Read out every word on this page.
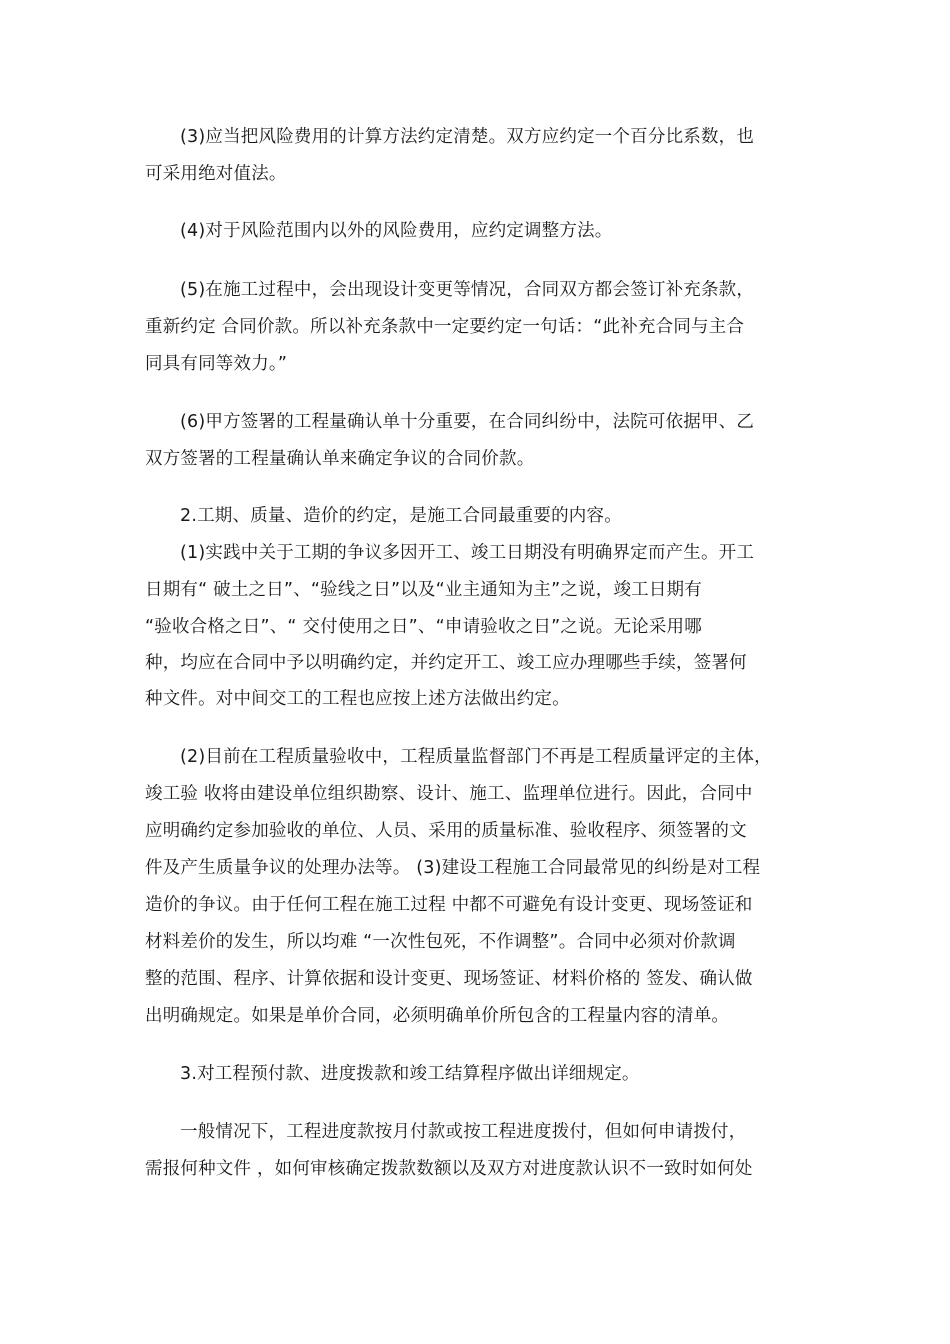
(3)应当把风险费用的计算方法约定清楚。双方应约定一个百分比系数，也
可采用绝对值法。
(4)对于风险范围内以外的风险费用，应约定调整方法。
(5)在施工过程中，会出现设计变更等情况，合同双方都会签订补充条款，
重新约定 合同价款。所以补充条款中一定要约定一句话：“此补充合同与主合
同具有同等效力。”
(6)甲方签署的工程量确认单十分重要，在合同纠纷中，法院可依据甲、乙
双方签署的工程量确认单来确定争议的合同价款。
2.工期、质量、造价的约定，是施工合同最重要的内容。
(1)实践中关于工期的争议多因开工、竣工日期没有明确界定而产生。开工
日期有“ 破土之日”、“验线之日”以及“业主通知为主”之说，竣工日期有
“验收合格之日”、“ 交付使用之日”、“申请验收之日”之说。无论采用哪
种，均应在合同中予以明确约定，并约定开工、竣工应办理哪些手续，签署何
种文件。对中间交工的工程也应按上述方法做出约定。
(2)目前在工程质量验收中，工程质量监督部门不再是工程质量评定的主体，
竣工验 收将由建设单位组织勘察、设计、施工、监理单位进行。因此，合同中
应明确约定参加验收的单位、人员、采用的质量标准、验收程序、须签署的文
件及产生质量争议的处理办法等。 (3)建设工程施工合同最常见的纠纷是对工程
造价的争议。由于任何工程在施工过程 中都不可避免有设计变更、现场签证和
材料差价的发生，所以均难 “一次性包死，不作调整”。合同中必须对价款调
整的范围、程序、计算依据和设计变更、现场签证、材料价格的 签发、确认做
出明确规定。如果是单价合同，必须明确单价所包含的工程量内容的清单。
3.对工程预付款、进度拨款和竣工结算程序做出详细规定。
一般情况下，工程进度款按月付款或按工程进度拨付，但如何申请拨付，
需报何种文件 ，如何审核确定拨款数额以及双方对进度款认识不一致时如何处
